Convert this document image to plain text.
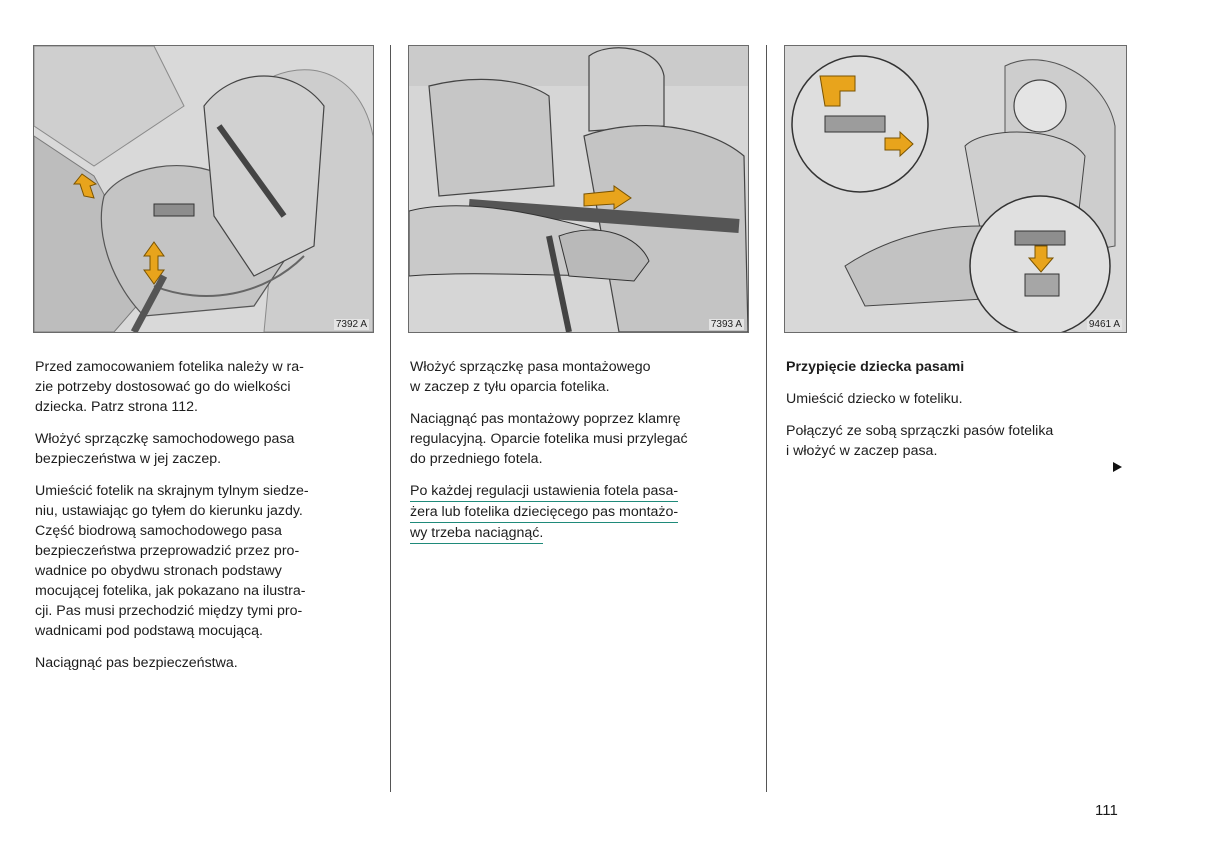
7392 A	7393 A	9461 A

Przed zamocowaniem fotelika należy w ra-
zie potrzeby dostosować go do wielkości
dziecka. Patrz strona 112.

Włożyć sprzączkę samochodowego pasa
bezpieczeństwa w jej zaczep.

Umieścić fotelik na skrajnym tylnym siedze-
niu, ustawiając go tyłem do kierunku jazdy.
Część biodrową samochodowego pasa
bezpieczeństwa przeprowadzić przez pro-
wadnice po obydwu stronach podstawy
mocującej fotelika, jak pokazano na ilustra-
cji. Pas musi przechodzić między tymi pro-
wadnicami pod podstawą mocującą.

Naciągnąć pas bezpieczeństwa.

Włożyć sprzączkę pasa montażowego
w zaczep z tyłu oparcia fotelika.

Naciągnąć pas montażowy poprzez klamrę
regulacyjną. Oparcie fotelika musi przylegać
do przedniego fotela.

Po każdej regulacji ustawienia fotela pasa-
żera lub fotelika dziecięcego pas montażo-
wy trzeba naciągnąć.

Przypięcie dziecka pasami

Umieścić dziecko w foteliku.

Połączyć ze sobą sprzączki pasów fotelika
i włożyć w zaczep pasa.

111
